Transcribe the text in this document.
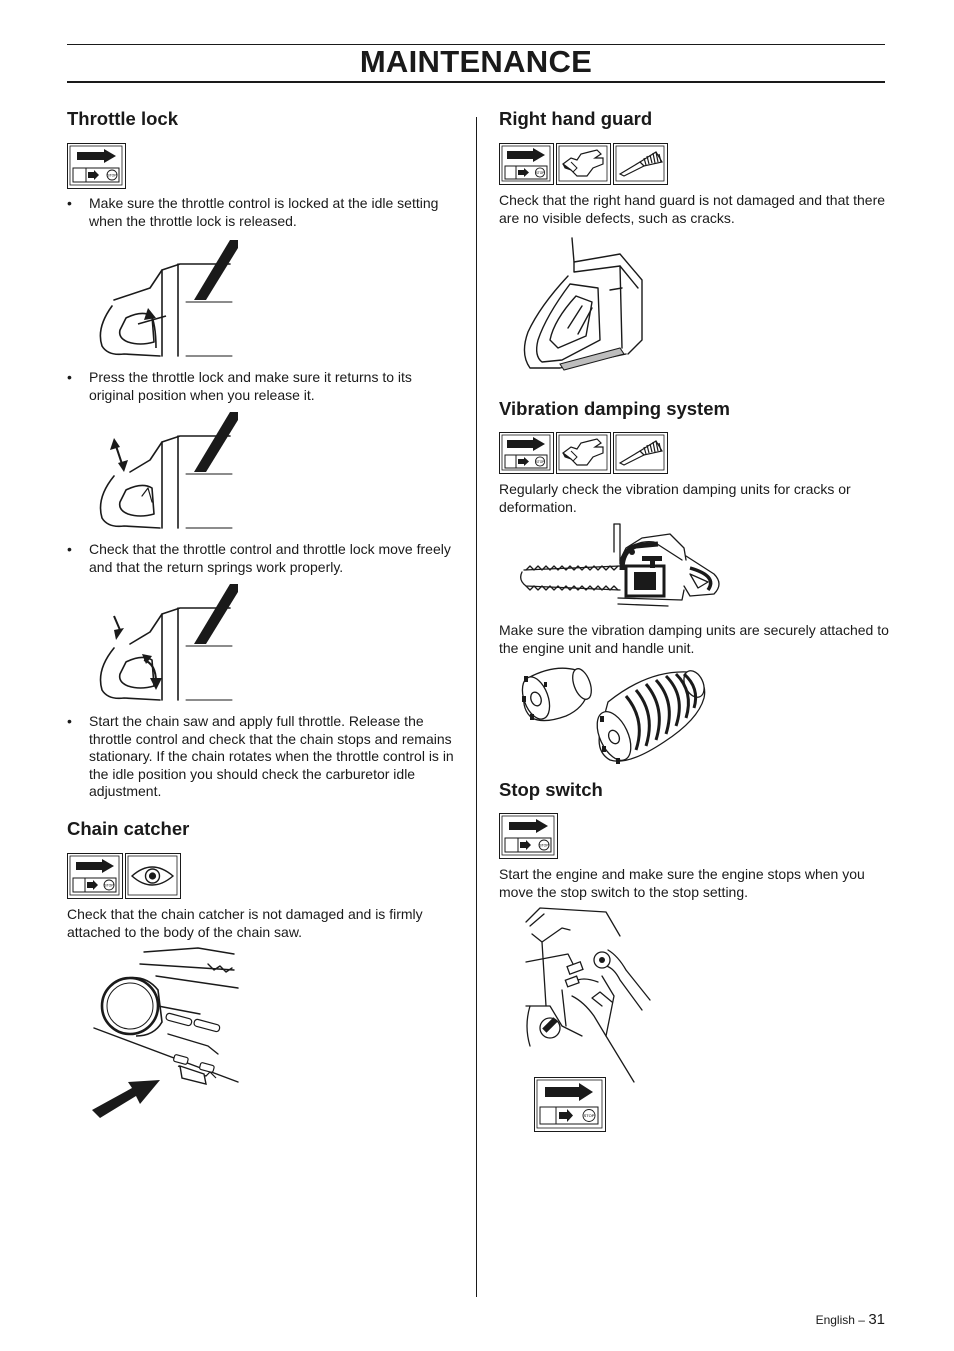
MAINTENANCE
Throttle lock
STOP
• Make sure the throttle control is locked at the idle setting when the throttle lock is released.
• Press the throttle lock and make sure it returns to its original position when you release it.
• Check that the throttle control and throttle lock move freely and that the return springs work properly.
• Start the chain saw and apply full throttle. Release the throttle control and check that the chain stops and remains stationary. If the chain rotates when the throttle control is in the idle position you should check the carburetor idle adjustment.
Chain catcher
STOP

Check that the chain catcher is not damaged and is firmly attached to the body of the chain saw.

Right hand guard
STOP

Check that the right hand guard is not damaged and that there are no visible defects, such as cracks.

Vibration damping system
STOP

Regularly check the vibration damping units for cracks or deformation.

Make sure the vibration damping units are securely attached to the engine unit and handle unit.

Stop switch
STOP

Start the engine and make sure the engine stops when you move the stop switch to the stop setting.

STOP
English – 31
